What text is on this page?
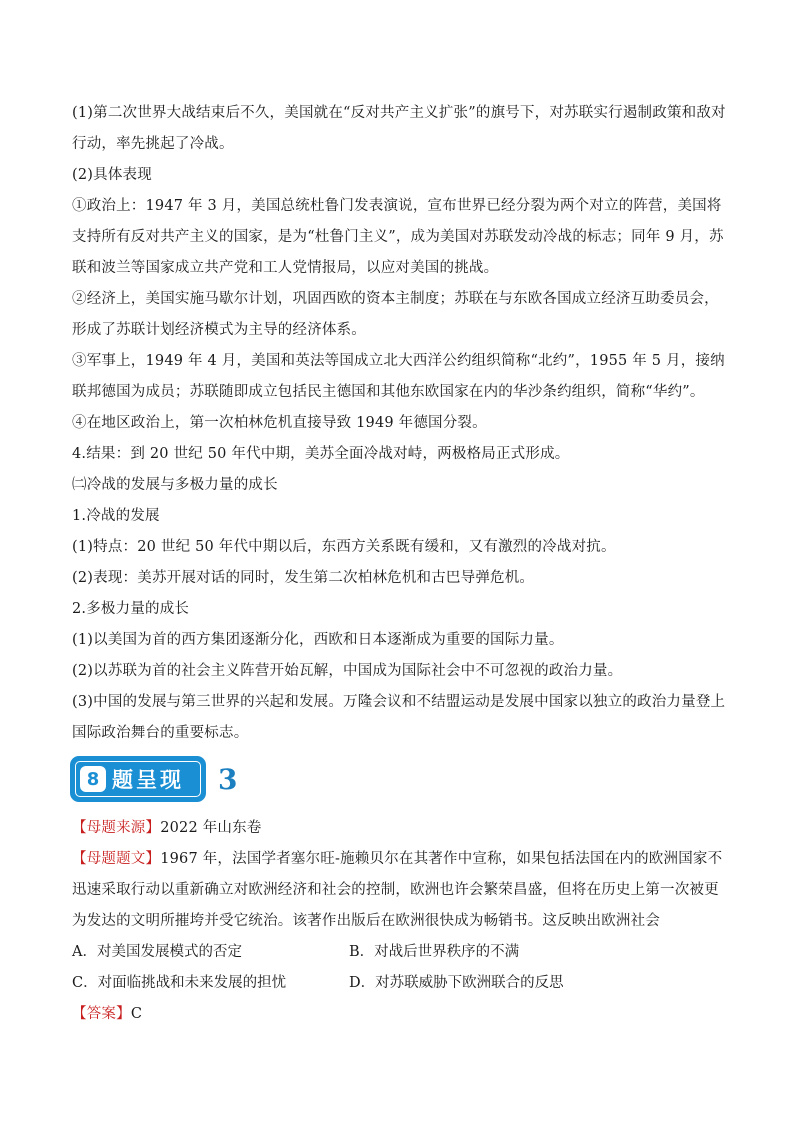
(1)第二次世界大战结束后不久，美国就在“反对共产主义扩张”的旗号下，对苏联实行遏制政策和敌对行动，率先挑起了冷战。

(2)具体表现

①政治上：1947 年 3 月，美国总统杜鲁门发表演说，宣布世界已经分裂为两个对立的阵营，美国将支持所有反对共产主义的国家，是为“杜鲁门主义”，成为美国对苏联发动冷战的标志；同年 9 月，苏联和波兰等国家成立共产党和工人党情报局，以应对美国的挑战。

②经济上，美国实施马歇尔计划，巩固西欧的资本主制度；苏联在与东欧各国成立经济互助委员会，形成了苏联计划经济模式为主导的经济体系。

③军事上，1949 年 4 月，美国和英法等国成立北大西洋公约组织简称“北约”，1955 年 5 月，接纳联邦德国为成员；苏联随即成立包括民主德国和其他东欧国家在内的华沙条约组织，简称“华约”。

④在地区政治上，第一次柏林危机直接导致 1949 年德国分裂。

4.结果：到 20 世纪 50 年代中期，美苏全面冷战对峙，两极格局正式形成。

㈡冷战的发展与多极力量的成长

1.冷战的发展

(1)特点：20 世纪 50 年代中期以后，东西方关系既有缓和，又有激烈的冷战对抗。

(2)表现：美苏开展对话的同时，发生第二次柏林危机和古巴导弹危机。

2.多极力量的成长

(1)以美国为首的西方集团逐渐分化，西欧和日本逐渐成为重要的国际力量。

(2)以苏联为首的社会主义阵营开始瓦解，中国成为国际社会中不可忽视的政治力量。

(3)中国的发展与第三世界的兴起和发展。万隆会议和不结盟运动是发展中国家以独立的政治力量登上国际政治舞台的重要标志。

8 题呈现 3

【母题来源】2022 年山东卷

【母题题文】1967 年，法国学者塞尔旺-施赖贝尔在其著作中宣称，如果包括法国在内的欧洲国家不迅速采取行动以重新确立对欧洲经济和社会的控制，欧洲也许会繁荣昌盛，但将在历史上第一次被更为发达的文明所摧垮并受它统治。该著作出版后在欧洲很快成为畅销书。这反映出欧洲社会

A．对美国发展模式的否定	B．对战后世界秩序的不满
C．对面临挑战和未来发展的担忧	D．对苏联威胁下欧洲联合的反思

【答案】C
